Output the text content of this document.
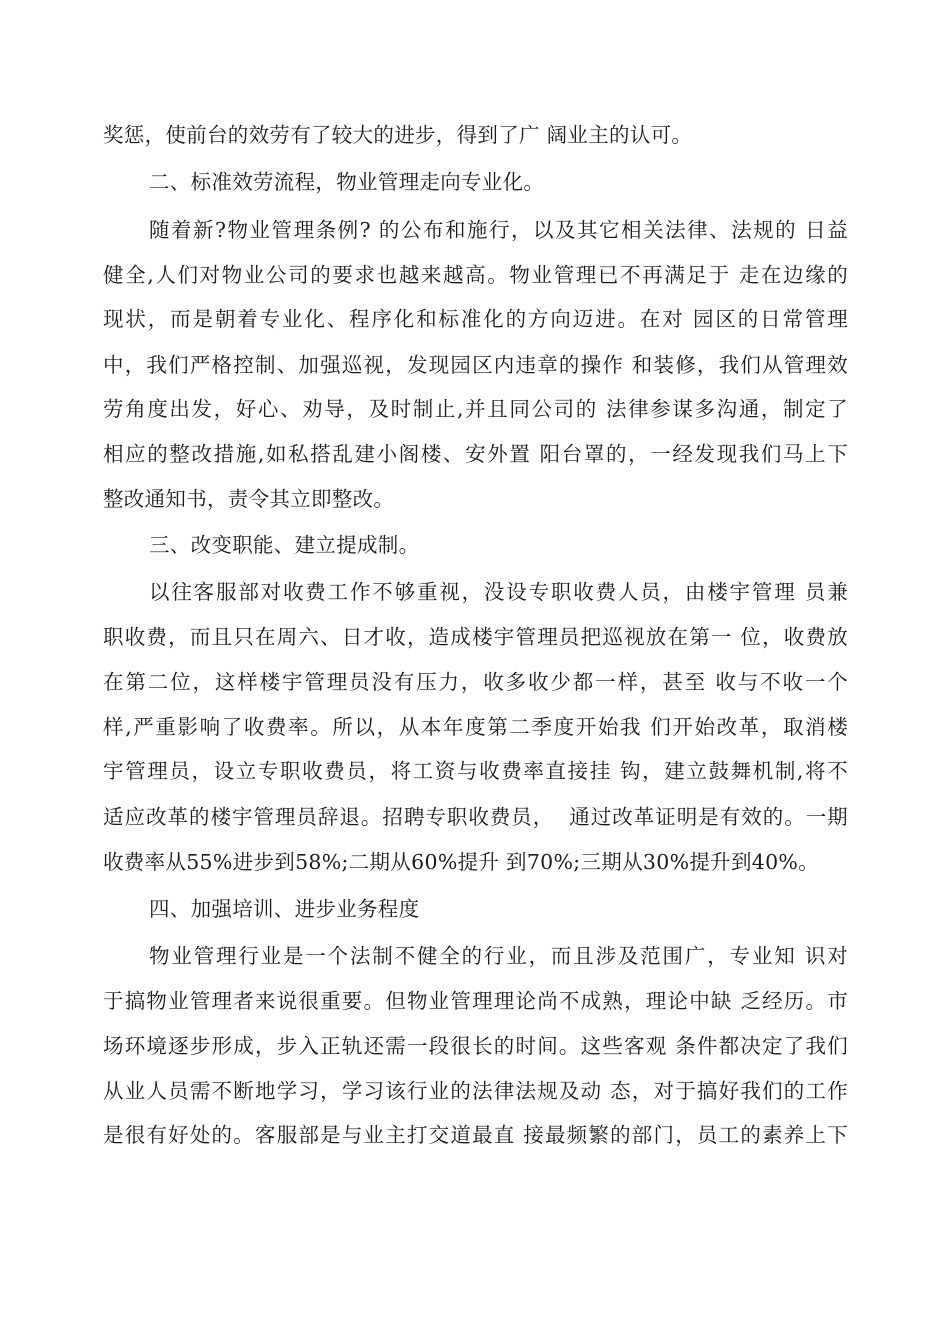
奖惩，使前台的效劳有了较大的进步，得到了广 阔业主的认可。
二、标准效劳流程，物业管理走向专业化。
随着新?物业管理条例? 的公布和施行，以及其它相关法律、法规的 日益
健全,人们对物业公司的要求也越来越高。物业管理已不再满足于 走在边缘的
现状，而是朝着专业化、程序化和标准化的方向迈进。在对 园区的日常管理
中，我们严格控制、加强巡视，发现园区内违章的操作 和装修，我们从管理效
劳角度出发，好心、劝导，及时制止,并且同公司的 法律参谋多沟通，制定了
相应的整改措施,如私搭乱建小阁楼、安外置 阳台罩的，一经发现我们马上下
整改通知书，责令其立即整改。
三、改变职能、建立提成制。
以往客服部对收费工作不够重视，没设专职收费人员，由楼宇管理 员兼
职收费，而且只在周六、日才收，造成楼宇管理员把巡视放在第一 位，收费放
在第二位，这样楼宇管理员没有压力，收多收少都一样，甚至 收与不收一个
样,严重影响了收费率。所以，从本年度第二季度开始我 们开始改革，取消楼
宇管理员，设立专职收费员，将工资与收费率直接挂 钩，建立鼓舞机制,将不
适应改革的楼宇管理员辞退。招聘专职收费员，  通过改革证明是有效的。一期
收费率从55%进步到58%;二期从60%提升 到70%;三期从30%提升到40%。
四、加强培训、进步业务程度
物业管理行业是一个法制不健全的行业，而且涉及范围广，专业知 识对
于搞物业管理者来说很重要。但物业管理理论尚不成熟，理论中缺 乏经历。市
场环境逐步形成，步入正轨还需一段很长的时间。这些客观 条件都决定了我们
从业人员需不断地学习，学习该行业的法律法规及动 态，对于搞好我们的工作
是很有好处的。客服部是与业主打交道最直 接最频繁的部门，员工的素养上下
